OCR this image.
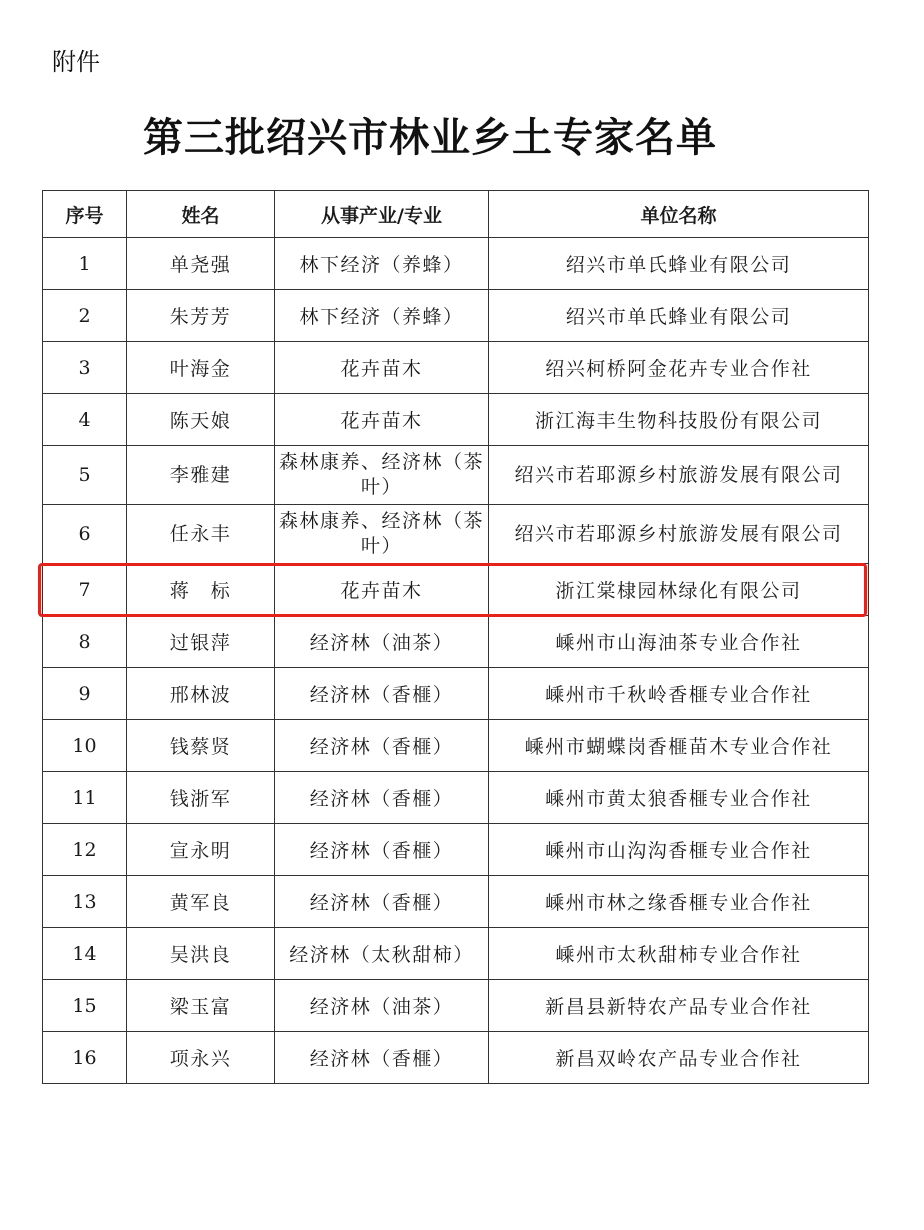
附件
第三批绍兴市林业乡土专家名单
序号	姓名	从事产业/专业	单位名称
1	单尧强	林下经济（养蜂）	绍兴市单氏蜂业有限公司
2	朱芳芳	林下经济（养蜂）	绍兴市单氏蜂业有限公司
3	叶海金	花卉苗木	绍兴柯桥阿金花卉专业合作社
4	陈天娘	花卉苗木	浙江海丰生物科技股份有限公司
5	李雅建	森林康养、经济林（茶叶）	绍兴市若耶源乡村旅游发展有限公司
6	任永丰	森林康养、经济林（茶叶）	绍兴市若耶源乡村旅游发展有限公司
7	蒋　标	花卉苗木	浙江棠棣园林绿化有限公司
8	过银萍	经济林（油茶）	嵊州市山海油茶专业合作社
9	邢林波	经济林（香榧）	嵊州市千秋岭香榧专业合作社
10	钱蔡贤	经济林（香榧）	嵊州市蝴蝶岗香榧苗木专业合作社
11	钱浙军	经济林（香榧）	嵊州市黄太狼香榧专业合作社
12	宣永明	经济林（香榧）	嵊州市山沟沟香榧专业合作社
13	黄军良	经济林（香榧）	嵊州市林之缘香榧专业合作社
14	吴洪良	经济林（太秋甜柿）	嵊州市太秋甜柿专业合作社
15	梁玉富	经济林（油茶）	新昌县新特农产品专业合作社
16	项永兴	经济林（香榧）	新昌双岭农产品专业合作社
